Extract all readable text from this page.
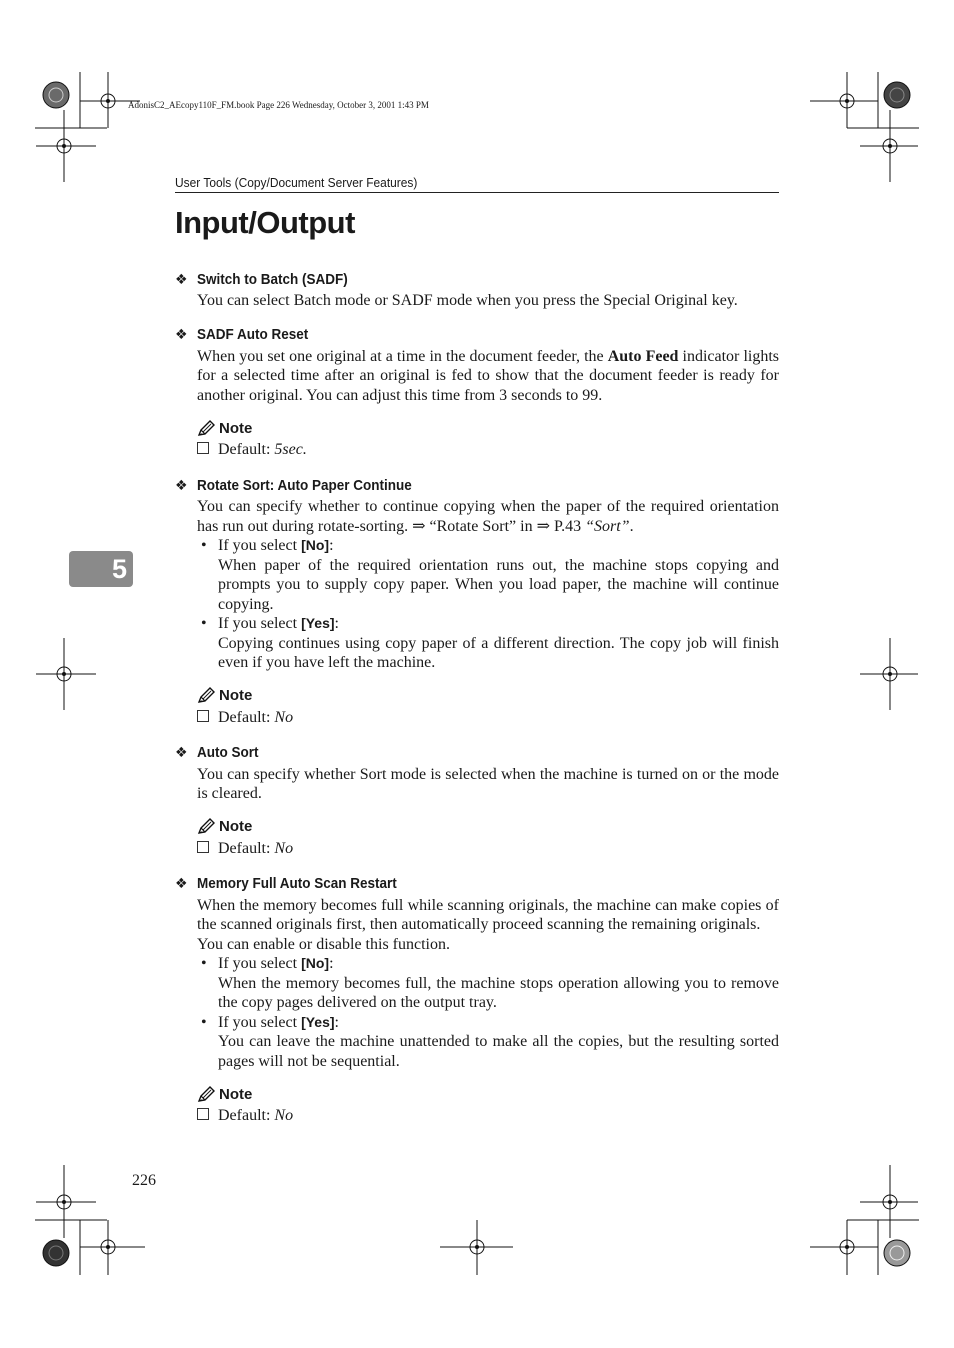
AdonisC2_AEcopy110F_FM.book Page 226 Wednesday, October 3, 2001 1:43 PM
User Tools (Copy/Document Server Features)
Input/Output
5
❖ Switch to Batch (SADF)

You can select Batch mode or SADF mode when you press the Special Original key.

❖ SADF Auto Reset

When you set one original at a time in the document feeder, the Auto Feed indicator lights for a selected time after an original is fed to show that the document feeder is ready for another original. You can adjust this time from 3 seconds to 99.

Note
Default: 5sec.
❖ Rotate Sort: Auto Paper Continue

You can specify whether to continue copying when the paper of the required orientation has run out during rotate-sorting. ⇒ “Rotate Sort” in ⇒ P.43 “Sort”.

• If you select [No]:
When paper of the required orientation runs out, the machine stops copying and prompts you to supply copy paper. When you load paper, the machine will continue copying.
• If you select [Yes]:
Copying continues using copy paper of a different direction. The copy job will finish even if you have left the machine.
Note
Default: No
❖ Auto Sort

You can specify whether Sort mode is selected when the machine is turned on or the mode is cleared.

Note
Default: No
❖ Memory Full Auto Scan Restart

When the memory becomes full while scanning originals, the machine can make copies of the scanned originals first, then automatically proceed scanning the remaining originals.

You can enable or disable this function.

• If you select [No]:
When the memory becomes full, the machine stops operation allowing you to remove the copy pages delivered on the output tray.
• If you select [Yes]:
You can leave the machine unattended to make all the copies, but the resulting sorted pages will not be sequential.
Note
Default: No
226
